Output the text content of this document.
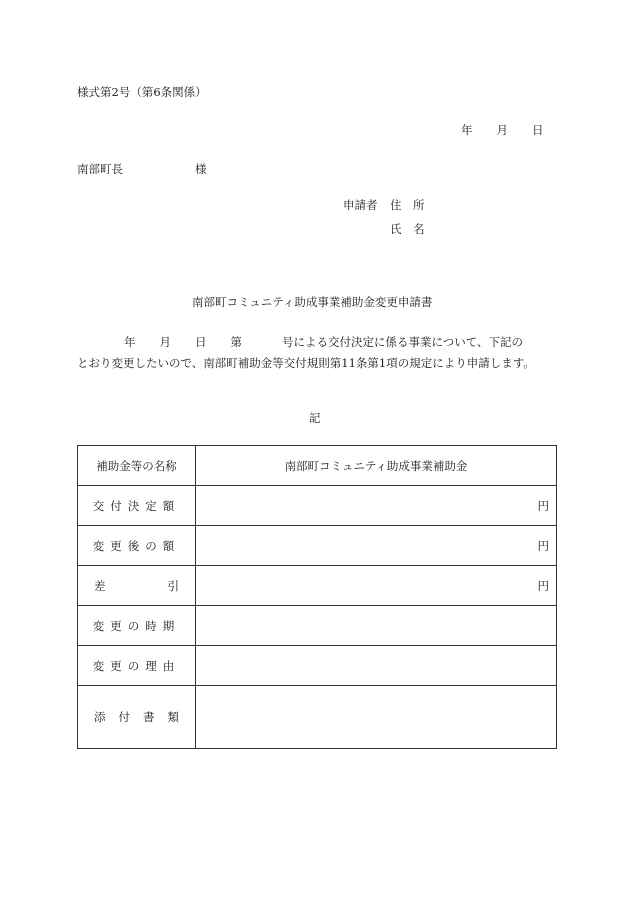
様式第2号（第6条関係）
年 月 日
南部町長	様
申請者 住　所
氏　名
南部町コミュニティ助成事業補助金変更申請書
年 月 日 第	号による交付決定に係る事業について、下記の
とおり変更したいので、南部町補助金等交付規則第11条第1項の規定により申請します。
記
補助金等の名称	南部町コミュニティ助成事業補助金
交付決定額	円
変更後の額	円
差引	円
変更の時期	
変更の理由	
添付書類	
